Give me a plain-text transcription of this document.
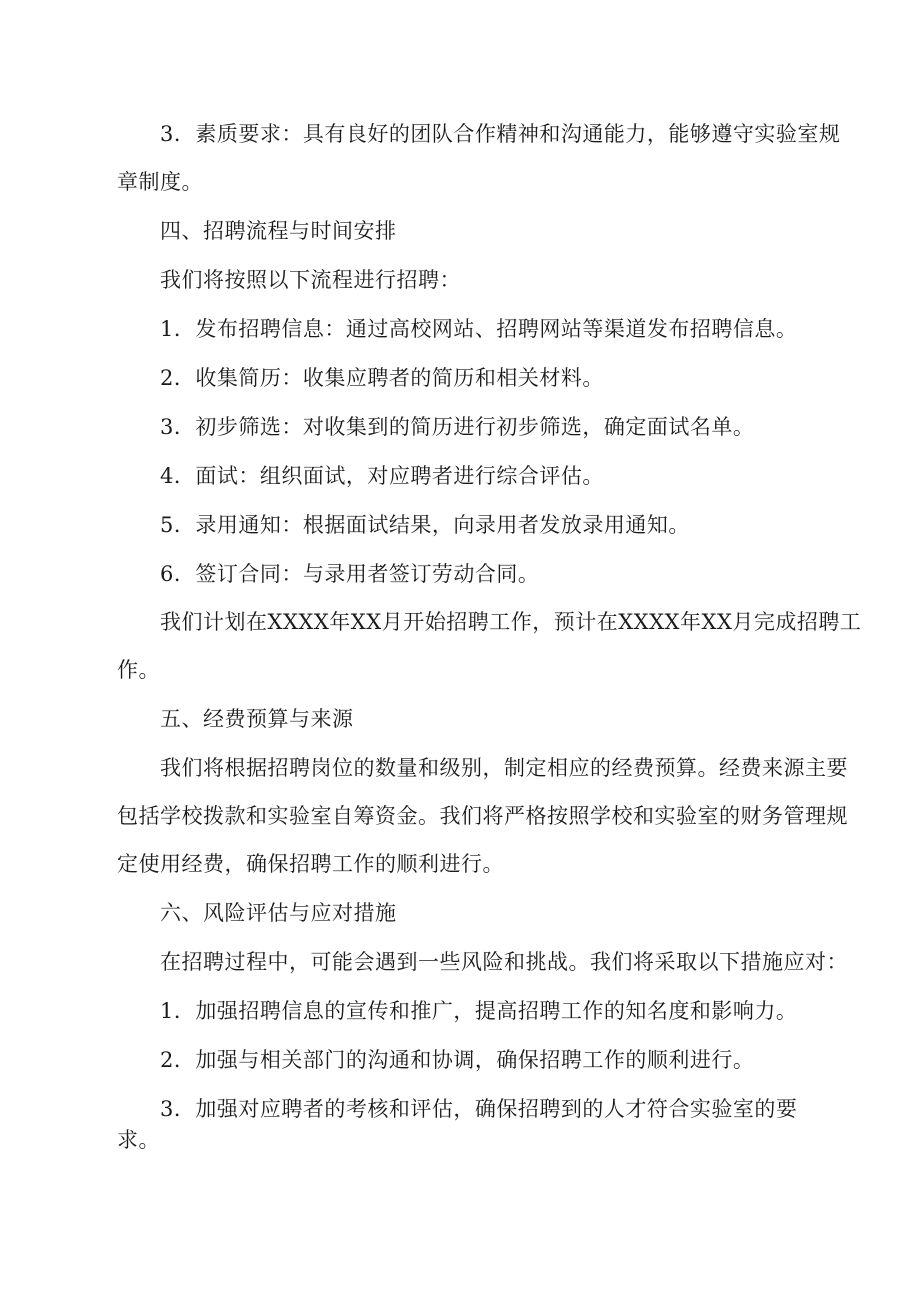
3．素质要求：具有良好的团队合作精神和沟通能力，能够遵守实验室规
章制度。
四、招聘流程与时间安排
我们将按照以下流程进行招聘：
1．发布招聘信息：通过高校网站、招聘网站等渠道发布招聘信息。
2．收集简历：收集应聘者的简历和相关材料。
3．初步筛选：对收集到的简历进行初步筛选，确定面试名单。
4．面试：组织面试，对应聘者进行综合评估。
5．录用通知：根据面试结果，向录用者发放录用通知。
6．签订合同：与录用者签订劳动合同。
我们计划在XXXX年XX月开始招聘工作，预计在XXXX年XX月完成招聘工
作。
五、经费预算与来源
我们将根据招聘岗位的数量和级别，制定相应的经费预算。经费来源主要
包括学校拨款和实验室自筹资金。我们将严格按照学校和实验室的财务管理规
定使用经费，确保招聘工作的顺利进行。
六、风险评估与应对措施
在招聘过程中，可能会遇到一些风险和挑战。我们将采取以下措施应对：
1．加强招聘信息的宣传和推广，提高招聘工作的知名度和影响力。
2．加强与相关部门的沟通和协调，确保招聘工作的顺利进行。
3．加强对应聘者的考核和评估，确保招聘到的人才符合实验室的要
求。
